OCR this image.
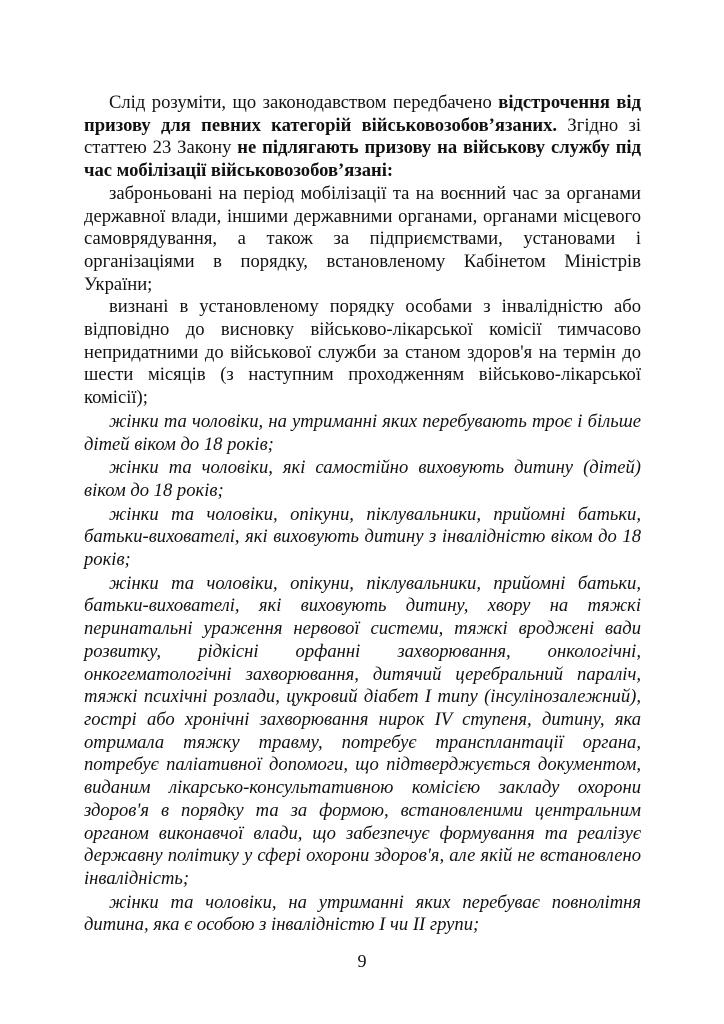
Слід розуміти, що законодавством передбачено відстрочення від призову для певних категорій військовозобов’язаних. Згідно зі статтею 23 Закону не підлягають призову на військову службу під час мобілізації військовозобов’язані:

заброньовані на період мобілізації та на воєнний час за органами державної влади, іншими державними органами, органами місцевого самоврядування, а також за підприємствами, установами і організаціями в порядку, встановленому Кабінетом Міністрів України;

визнані в установленому порядку особами з інвалідністю або відповідно до висновку військово-лікарської комісії тимчасово непридатними до військової служби за станом здоров'я на термін до шести місяців (з наступним проходженням військово-лікарської комісії);

жінки та чоловіки, на утриманні яких перебувають троє і більше дітей віком до 18 років;

жінки та чоловіки, які самостійно виховують дитину (дітей) віком до 18 років;

жінки та чоловіки, опікуни, піклувальники, прийомні батьки, батьки-вихователі, які виховують дитину з інвалідністю віком до 18 років;

жінки та чоловіки, опікуни, піклувальники, прийомні батьки, батьки-вихователі, які виховують дитину, хвору на тяжкі перинатальні ураження нервової системи, тяжкі вроджені вади розвитку, рідкісні орфанні захворювання, онкологічні, онкогематологічні захворювання, дитячий церебральний параліч, тяжкі психічні розлади, цукровий діабет І типу (інсулінозалежний), гострі або хронічні захворювання нирок IV ступеня, дитину, яка отримала тяжку травму, потребує трансплантації органа, потребує паліативної допомоги, що підтверджується документом, виданим лікарсько-консультативною комісією закладу охорони здоров'я в порядку та за формою, встановленими центральним органом виконавчої влади, що забезпечує формування та реалізує державну політику у сфері охорони здоров'я, але якій не встановлено інвалідність;

жінки та чоловіки, на утриманні яких перебуває повнолітня дитина, яка є особою з інвалідністю І чи ІІ групи;

9
